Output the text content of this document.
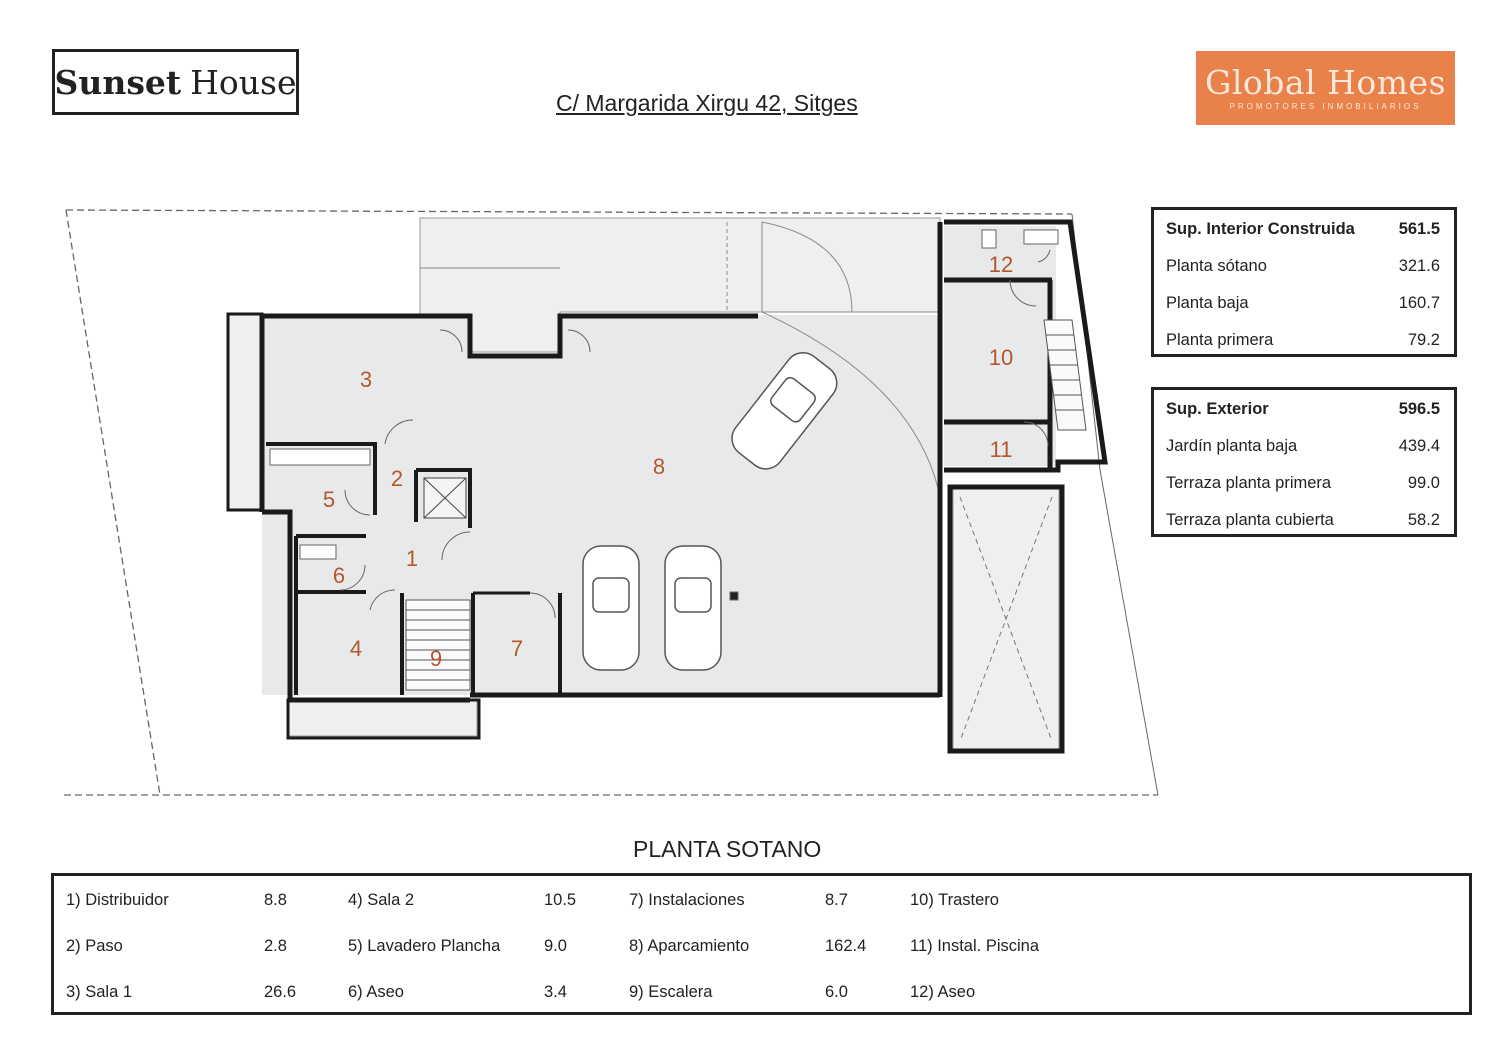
Sunset House
C/ Margarida Xirgu 42, Sitges
Global Homes
PROMOTORES INMOBILIARIOS
1
2
3
4
5
6
7
8
9
10
11
12
Sup. Interior Construida	561.5
Planta sótano	321.6
Planta baja	160.7
Planta primera	79.2
Sup. Exterior	596.5
Jardín planta baja	439.4
Terraza planta primera	99.0
Terraza planta cubierta	58.2
PLANTA SOTANO
1) Distribuidor	8.8
2) Paso	2.8
3) Sala 1	26.6
4) Sala 2	10.5
5) Lavadero Plancha	9.0
6) Aseo	3.4
7) Instalaciones	8.7
8) Aparcamiento	162.4
9) Escalera	6.0
10) Trastero
11) Instal. Piscina
12) Aseo
